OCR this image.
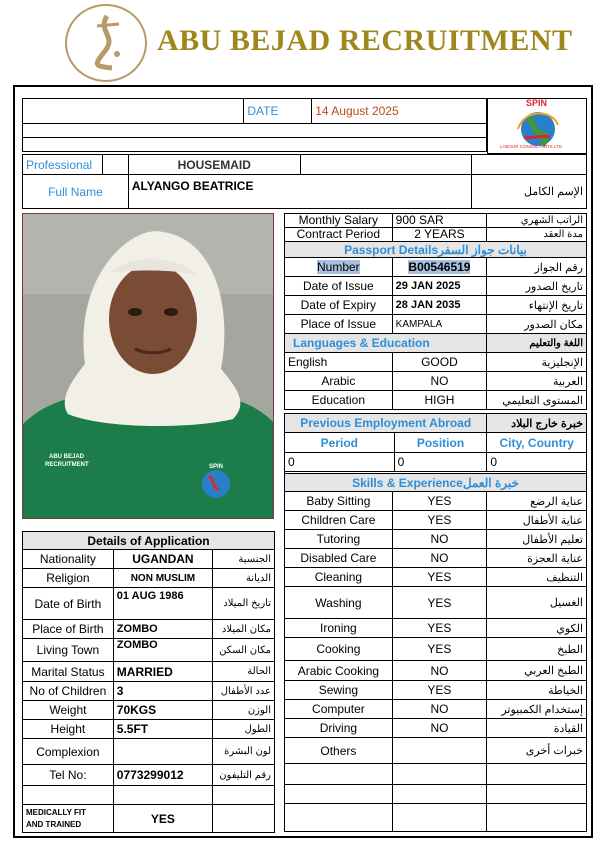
ABU BEJAD RECRUITMENT
	DATE	14 August 2025

SPIN
LABOUR CONSULTANTS LTD
Professional		HOUSEMAID		
Full Name		ALYANGO BEATRICE		الإسم الكامل
ABU BEJAD
RECRUITMENT	SPIN
Monthly Salary	900 SAR	الراتب الشهري
Contract Period	2 YEARS	مدة العقد
Passport Detailsبيانات جواز السفر		
Number	B00546519	رقم الجواز
Date of Issue	29 JAN 2025	تاريخ الصدور
Date of Expiry	28 JAN 2035	تاريخ الإنتهاء
Place of Issue	KAMPALA	مكان الصدور
Languages & Education		اللغة والتعليم
English	GOOD	الإنجليزية
Arabic	NO	العربية
Education	HIGH	المستوى التعليمي
Previous Employment Abroad		خبرة خارج البلاد
Period	Position	City, Country
0	0	0

Skills & Experienceخبرة العمل		
Baby Sitting	YES	عناية الرضع
Children Care	YES	عناية الأطفال
Tutoring	NO	تعليم الأطفال
Disabled Care	NO	عناية العجزة
Cleaning	YES	التنظيف
Washing	YES	الغسيل
Ironing	YES	الكوي
Cooking	YES	الطبخ
Arabic Cooking	NO	الطبخ العربي
Sewing	YES	الخياطة
Computer	NO	إستخدام الكمبيوتر
Driving	NO	القيادة
Others		خبرات أخرى

Details of Application		
Nationality	UGANDAN	الجنسية
Religion	NON MUSLIM	الديانة
Date of Birth	01 AUG 1986	تاريخ الميلاد
Place of Birth	ZOMBO	مكان الميلاد
Living Town	ZOMBO	مكان السكن
Marital Status	MARRIED	الحالة
No of Children	3	عدد الأطفال
Weight	70KGS	الوزن
Height	5.5FT	الطول
Complexion		لون البشرة
Tel No:	0773299012	رقم التليفون

MEDICALLY FIT
AND TRAINED	YES	
